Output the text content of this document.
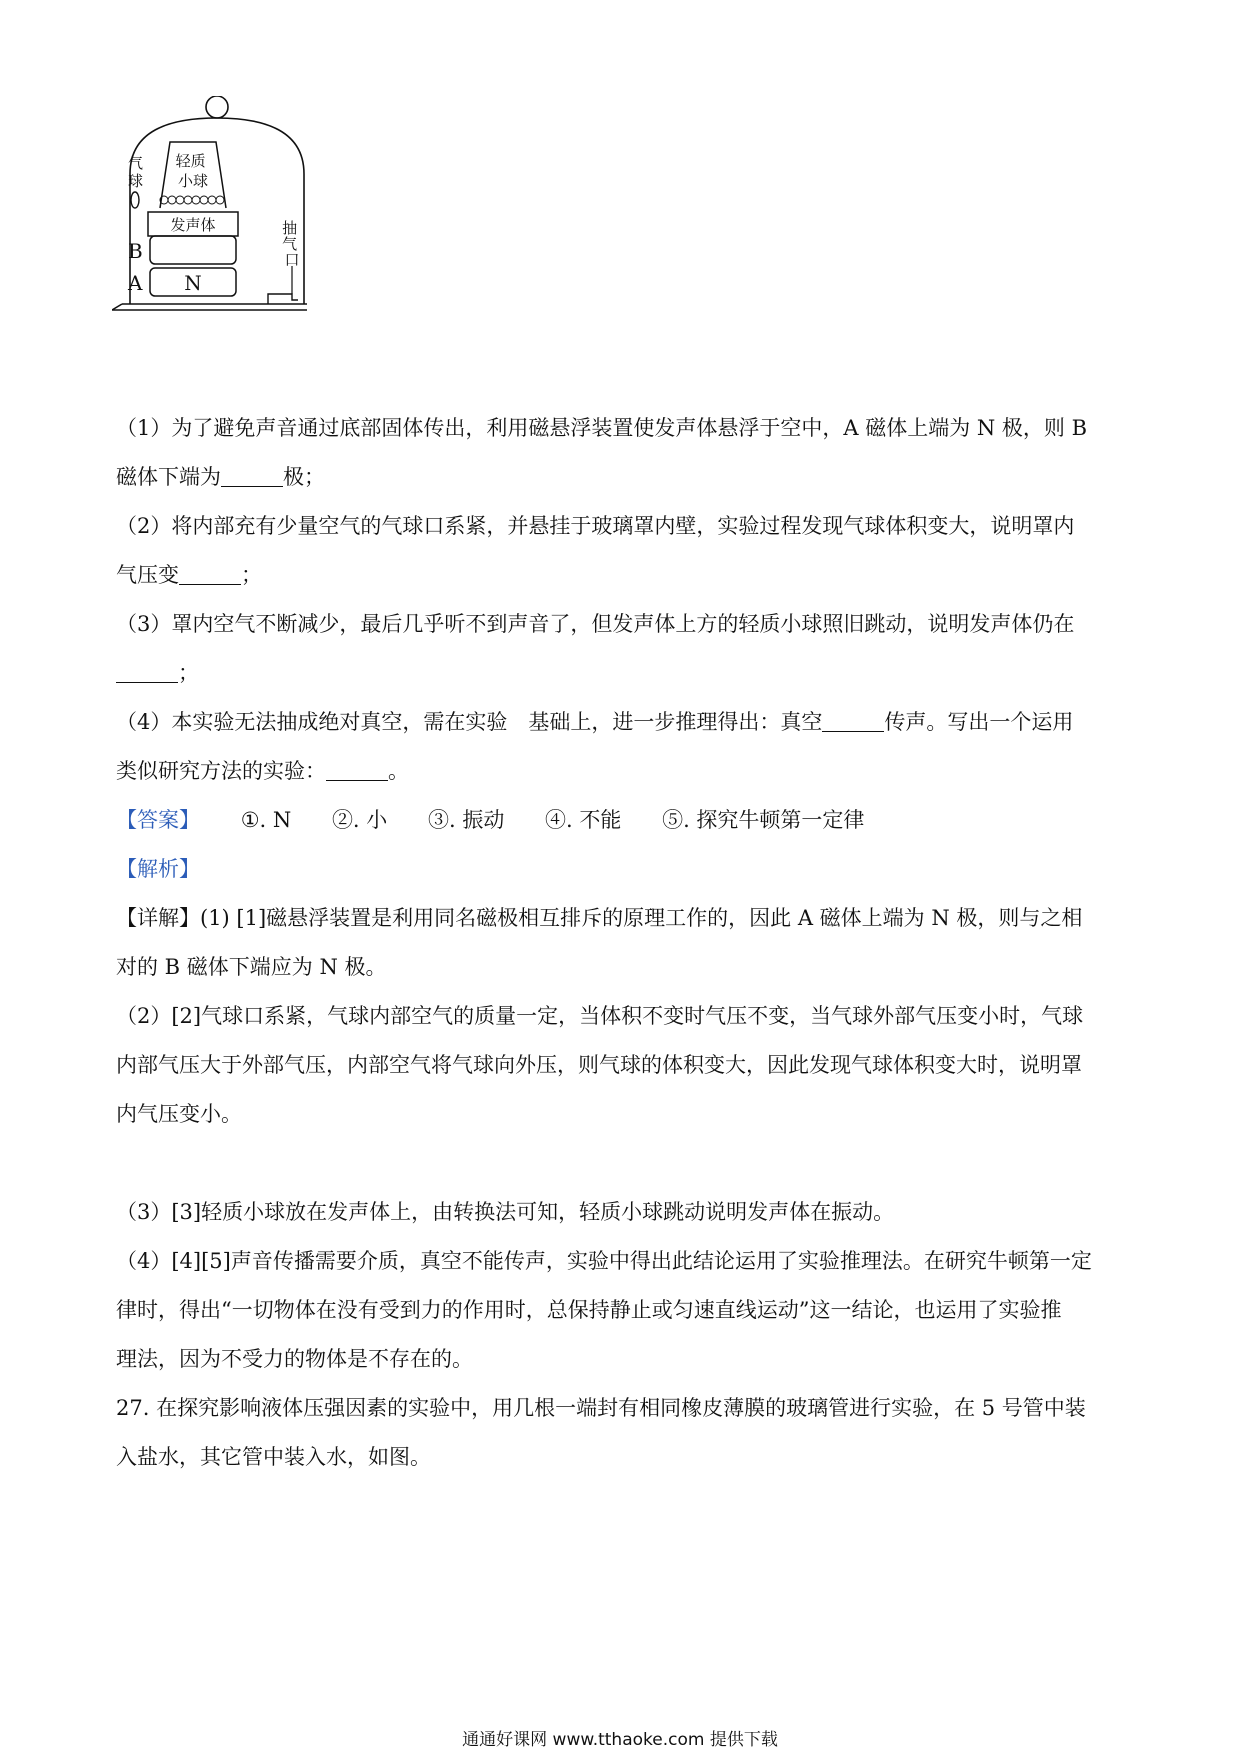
气 球
轻质 小球
发声体
B
A N
抽 气 口
（1）为了避免声音通过底部固体传出，利用磁悬浮装置使发声体悬浮于空中，A 磁体上端为 N 极，则 B
磁体下端为	极；
（2）将内部充有少量空气的气球口系紧，并悬挂于玻璃罩内壁，实验过程发现气球体积变大，说明罩内
气压变	；
（3）罩内空气不断减少，最后几乎听不到声音了，但发声体上方的轻质小球照旧跳动，说明发声体仍在
；
（4）本实验无法抽成绝对真空，需在实验　基础上，进一步推理得出：真空	传声。写出一个运用
类似研究方法的实验：	。
【答案】 ①. N ②. 小 ③. 振动 ④. 不能 ⑤. 探究牛顿第一定律
【解析】
【详解】(1) [1]磁悬浮装置是利用同名磁极相互排斥的原理工作的，因此 A 磁体上端为 N 极，则与之相
对的 B 磁体下端应为 N 极。
（2）[2]气球口系紧，气球内部空气的质量一定，当体积不变时气压不变，当气球外部气压变小时，气球
内部气压大于外部气压，内部空气将气球向外压，则气球的体积变大，因此发现气球体积变大时，说明罩
内气压变小。
（3）[3]轻质小球放在发声体上，由转换法可知，轻质小球跳动说明发声体在振动。
（4）[4][5]声音传播需要介质，真空不能传声，实验中得出此结论运用了实验推理法。在研究牛顿第一定
律时，得出“一切物体在没有受到力的作用时，总保持静止或匀速直线运动”这一结论，也运用了实验推
理法，因为不受力的物体是不存在的。
27. 在探究影响液体压强因素的实验中，用几根一端封有相同橡皮薄膜的玻璃管进行实验，在 5 号管中装
入盐水，其它管中装入水，如图。
通通好课网 www.tthaoke.com 提供下载
